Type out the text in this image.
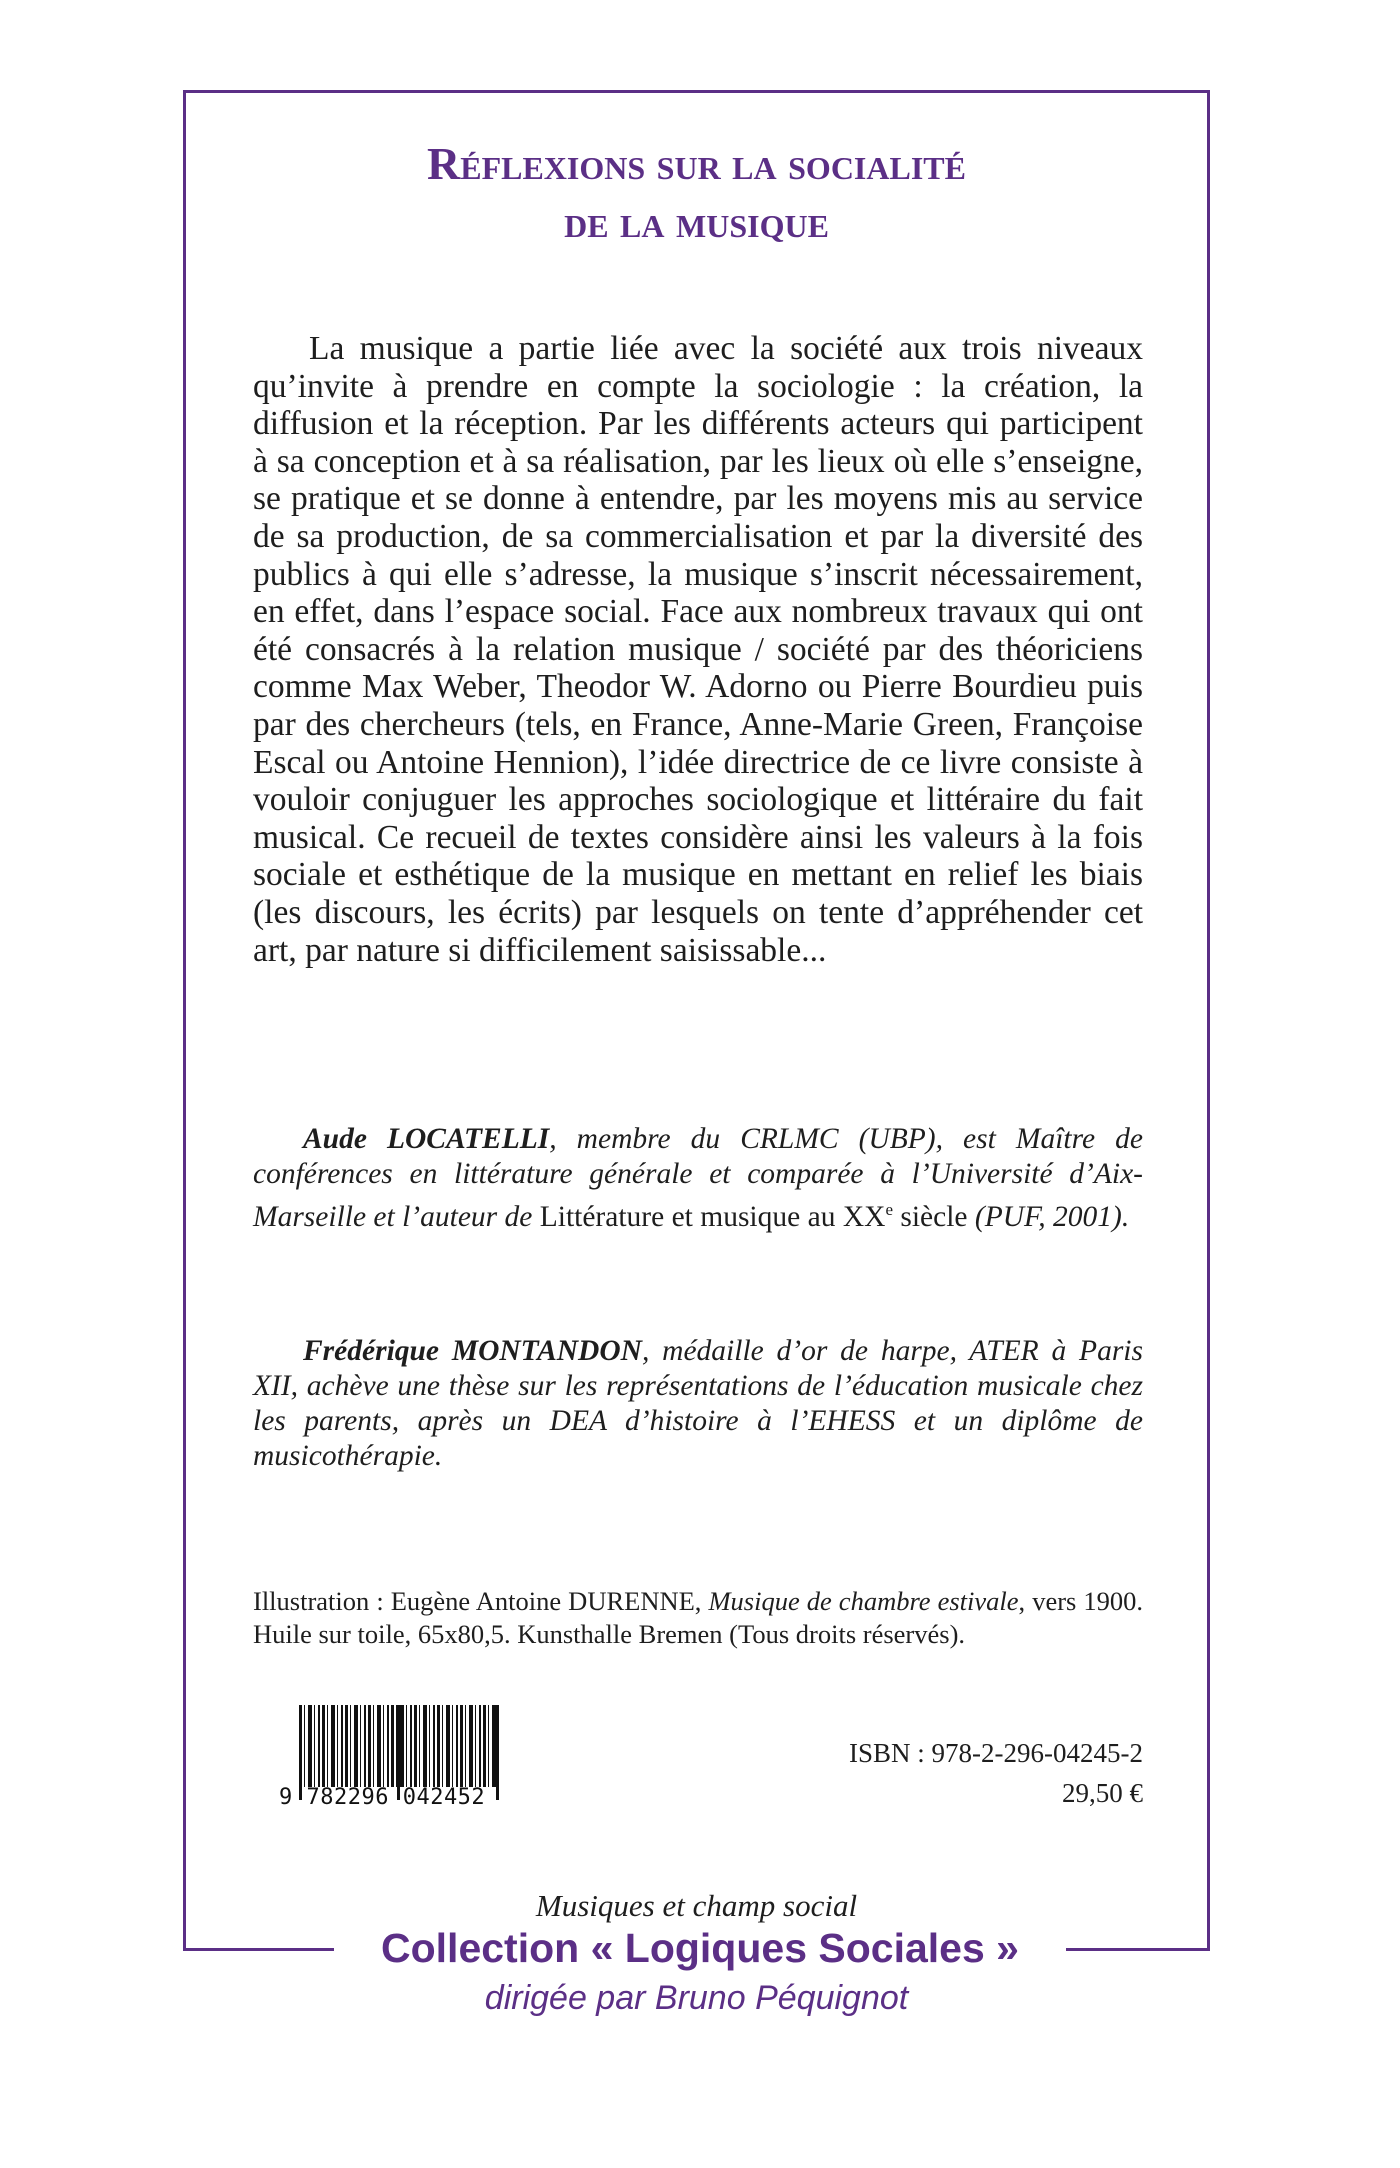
Réflexions sur la socialité
de la musique

La musique a partie liée avec la société aux trois niveaux qu’invite à prendre en compte la sociologie : la création, la diffusion et la réception. Par les différents acteurs qui participent à sa conception et à sa réalisation, par les lieux où elle s’enseigne, se pratique et se donne à entendre, par les moyens mis au service de sa production, de sa commercialisation et par la diversité des publics à qui elle s’adresse, la musique s’inscrit nécessairement, en effet, dans l’espace social. Face aux nombreux travaux qui ont été consacrés à la relation musique / société par des théoriciens comme Max Weber, Theodor W. Adorno ou Pierre Bourdieu puis par des chercheurs (tels, en France, Anne-Marie Green, Françoise Escal ou Antoine Hennion), l’idée directrice de ce livre consiste à vouloir conjuguer les approches sociologique et littéraire du fait musical. Ce recueil de textes considère ainsi les valeurs à la fois sociale et esthétique de la musique en mettant en relief les biais (les discours, les écrits) par lesquels on tente d’appréhender cet art, par nature si difficilement saisissable...

Aude LOCATELLI, membre du CRLMC (UBP), est Maître de conférences en littérature générale et comparée à l’Université d’Aix-Marseille et l’auteur de Littérature et musique au XXe siècle (PUF, 2001).

Frédérique MONTANDON, médaille d’or de harpe, ATER à Paris XII, achève une thèse sur les représentations de l’éducation musicale chez les parents, après un DEA d’histoire à l’EHESS et un diplôme de musicothérapie.

Illustration : Eugène Antoine DURENNE, Musique de chambre estivale, vers 1900. Huile sur toile, 65x80,5. Kunsthalle Bremen (Tous droits réservés).

9 782296 042452

ISBN : 978-2-296-04245-2

29,50 €

Musiques et champ social

Collection « Logiques Sociales »

dirigée par Bruno Péquignot
